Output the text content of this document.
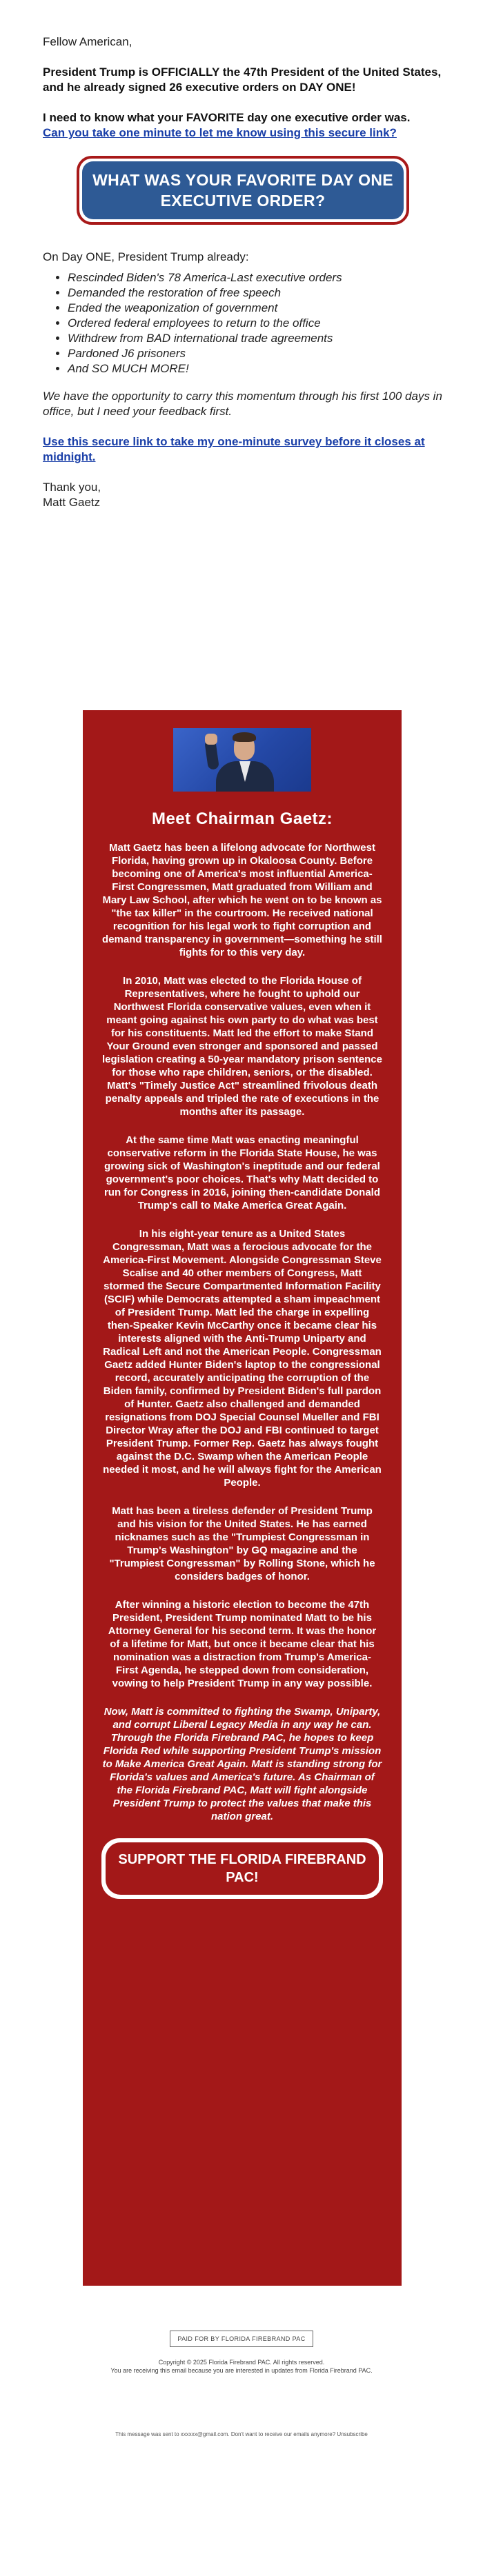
Fellow American,

President Trump is OFFICIALLY the 47th President of the United States, and he already signed 26 executive orders on DAY ONE!

I need to know what your FAVORITE day one executive order was.
Can you take one minute to let me know using this secure link?

WHAT WAS YOUR FAVORITE DAY ONE EXECUTIVE ORDER?

On Day ONE, President Trump already:

• Rescinded Biden's 78 America-Last executive orders
• Demanded the restoration of free speech
• Ended the weaponization of government
• Ordered federal employees to return to the office
• Withdrew from BAD international trade agreements
• Pardoned J6 prisoners
• And SO MUCH MORE!

We have the opportunity to carry this momentum through his first 100 days in office, but I need your feedback first.

Use this secure link to take my one-minute survey before it closes at midnight.

Thank you,
Matt Gaetz

Meet Chairman Gaetz:

Matt Gaetz has been a lifelong advocate for Northwest Florida, having grown up in Okaloosa County. Before becoming one of America's most influential America-First Congressmen, Matt graduated from William and Mary Law School, after which he went on to be known as "the tax killer" in the courtroom. He received national recognition for his legal work to fight corruption and demand transparency in government—something he still fights for to this very day.

In 2010, Matt was elected to the Florida House of Representatives, where he fought to uphold our Northwest Florida conservative values, even when it meant going against his own party to do what was best for his constituents. Matt led the effort to make Stand Your Ground even stronger and sponsored and passed legislation creating a 50-year mandatory prison sentence for those who rape children, seniors, or the disabled. Matt's "Timely Justice Act" streamlined frivolous death penalty appeals and tripled the rate of executions in the months after its passage.

At the same time Matt was enacting meaningful conservative reform in the Florida State House, he was growing sick of Washington's ineptitude and our federal government's poor choices. That's why Matt decided to run for Congress in 2016, joining then-candidate Donald Trump's call to Make America Great Again.

In his eight-year tenure as a United States Congressman, Matt was a ferocious advocate for the America-First Movement. Alongside Congressman Steve Scalise and 40 other members of Congress, Matt stormed the Secure Compartmented Information Facility (SCIF) while Democrats attempted a sham impeachment of President Trump. Matt led the charge in expelling then-Speaker Kevin McCarthy once it became clear his interests aligned with the Anti-Trump Uniparty and Radical Left and not the American People. Congressman Gaetz added Hunter Biden's laptop to the congressional record, accurately anticipating the corruption of the Biden family, confirmed by President Biden's full pardon of Hunter. Gaetz also challenged and demanded resignations from DOJ Special Counsel Mueller and FBI Director Wray after the DOJ and FBI continued to target President Trump. Former Rep. Gaetz has always fought against the D.C. Swamp when the American People needed it most, and he will always fight for the American People.

Matt has been a tireless defender of President Trump and his vision for the United States. He has earned nicknames such as the "Trumpiest Congressman in Trump's Washington" by GQ magazine and the "Trumpiest Congressman" by Rolling Stone, which he considers badges of honor.

After winning a historic election to become the 47th President, President Trump nominated Matt to be his Attorney General for his second term. It was the honor of a lifetime for Matt, but once it became clear that his nomination was a distraction from Trump's America-First Agenda, he stepped down from consideration, vowing to help President Trump in any way possible.

Now, Matt is committed to fighting the Swamp, Uniparty, and corrupt Liberal Legacy Media in any way he can. Through the Florida Firebrand PAC, he hopes to keep Florida Red while supporting President Trump's mission to Make America Great Again. Matt is standing strong for Florida's values and America's future. As Chairman of the Florida Firebrand PAC, Matt will fight alongside President Trump to protect the values that make this nation great.

SUPPORT THE FLORIDA FIREBRAND PAC!
PAID FOR BY FLORIDA FIREBRAND PAC
Copyright © 2025 Florida Firebrand PAC. All rights reserved.
You are receiving this email because you are interested in updates from Florida Firebrand PAC.
This message was sent to xxxxxx@gmail.com. Don't want to receive our emails anymore? Unsubscribe
